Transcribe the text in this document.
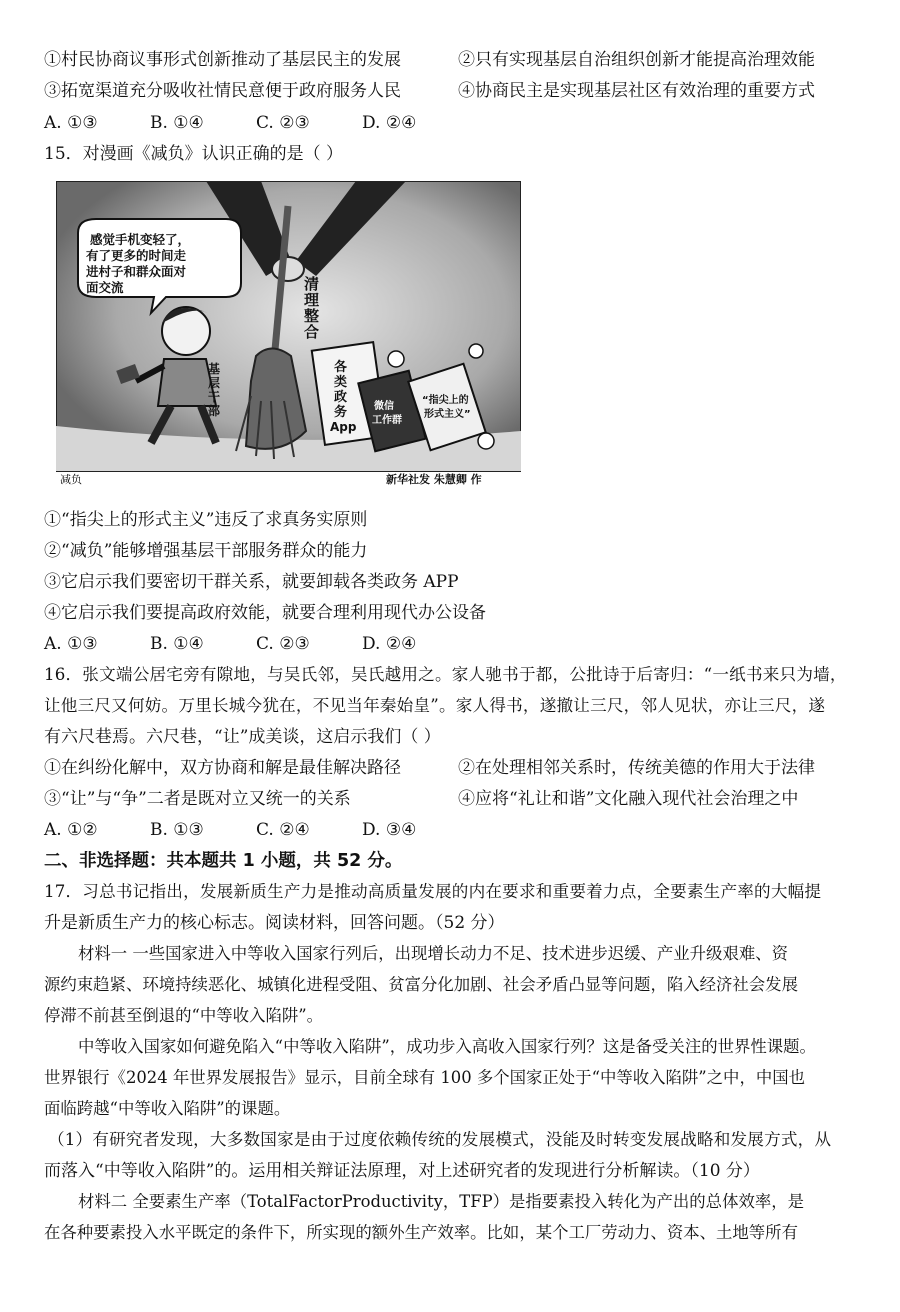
①村民协商议事形式创新推动了基层民主的发展	②只有实现基层自治组织创新才能提高治理效能
③拓宽渠道充分吸收社情民意便于政府服务人民	④协商民主是实现基层社区有效治理的重要方式
A. ①③	B. ①④	C. ②③	D. ②④
15．对漫画《减负》认识正确的是（ ）
感觉手机变轻了，
有了更多的时间走
进村子和群众面对
面交流	清
理
整
合
基
层
干
部
各
类
政
务
App
微信
工作群
“指尖上的
形式主义”
减负	新华社发 朱慧卿 作
①“指尖上的形式主义”违反了求真务实原则
②“减负”能够增强基层干部服务群众的能力
③它启示我们要密切干群关系，就要卸载各类政务 APP
④它启示我们要提高政府效能，就要合理利用现代办公设备
A. ①③	B. ①④	C. ②③	D. ②④
16．张文端公居宅旁有隙地，与吴氏邻，吴氏越用之。家人驰书于都，公批诗于后寄归：“一纸书来只为墙，
让他三尺又何妨。万里长城今犹在，不见当年秦始皇”。家人得书，遂撤让三尺，邻人见状，亦让三尺，遂
有六尺巷焉。六尺巷，“让”成美谈，这启示我们（ ）
①在纠纷化解中，双方协商和解是最佳解决路径	②在处理相邻关系时，传统美德的作用大于法律
③“让”与“争”二者是既对立又统一的关系	④应将“礼让和谐”文化融入现代社会治理之中
A. ①②	B. ①③	C. ②④	D. ③④
二、非选择题：共本题共 1 小题，共 52 分。
17．习总书记指出，发展新质生产力是推动高质量发展的内在要求和重要着力点，全要素生产率的大幅提
升是新质生产力的核心标志。阅读材料，回答问题。（52 分）
材料一 一些国家进入中等收入国家行列后，出现增长动力不足、技术进步迟缓、产业升级艰难、资
源约束趋紧、环境持续恶化、城镇化进程受阻、贫富分化加剧、社会矛盾凸显等问题，陷入经济社会发展
停滞不前甚至倒退的“中等收入陷阱”。
中等收入国家如何避免陷入“中等收入陷阱”，成功步入高收入国家行列？这是备受关注的世界性课题。
世界银行《2024 年世界发展报告》显示，目前全球有 100 多个国家正处于“中等收入陷阱”之中，中国也
面临跨越“中等收入陷阱”的课题。
（1）有研究者发现，大多数国家是由于过度依赖传统的发展模式，没能及时转变发展战略和发展方式，从
而落入“中等收入陷阱”的。运用相关辩证法原理，对上述研究者的发现进行分析解读。（10 分）
材料二 全要素生产率（TotalFactorProductivity，TFP）是指要素投入转化为产出的总体效率，是
在各种要素投入水平既定的条件下，所实现的额外生产效率。比如，某个工厂劳动力、资本、土地等所有
